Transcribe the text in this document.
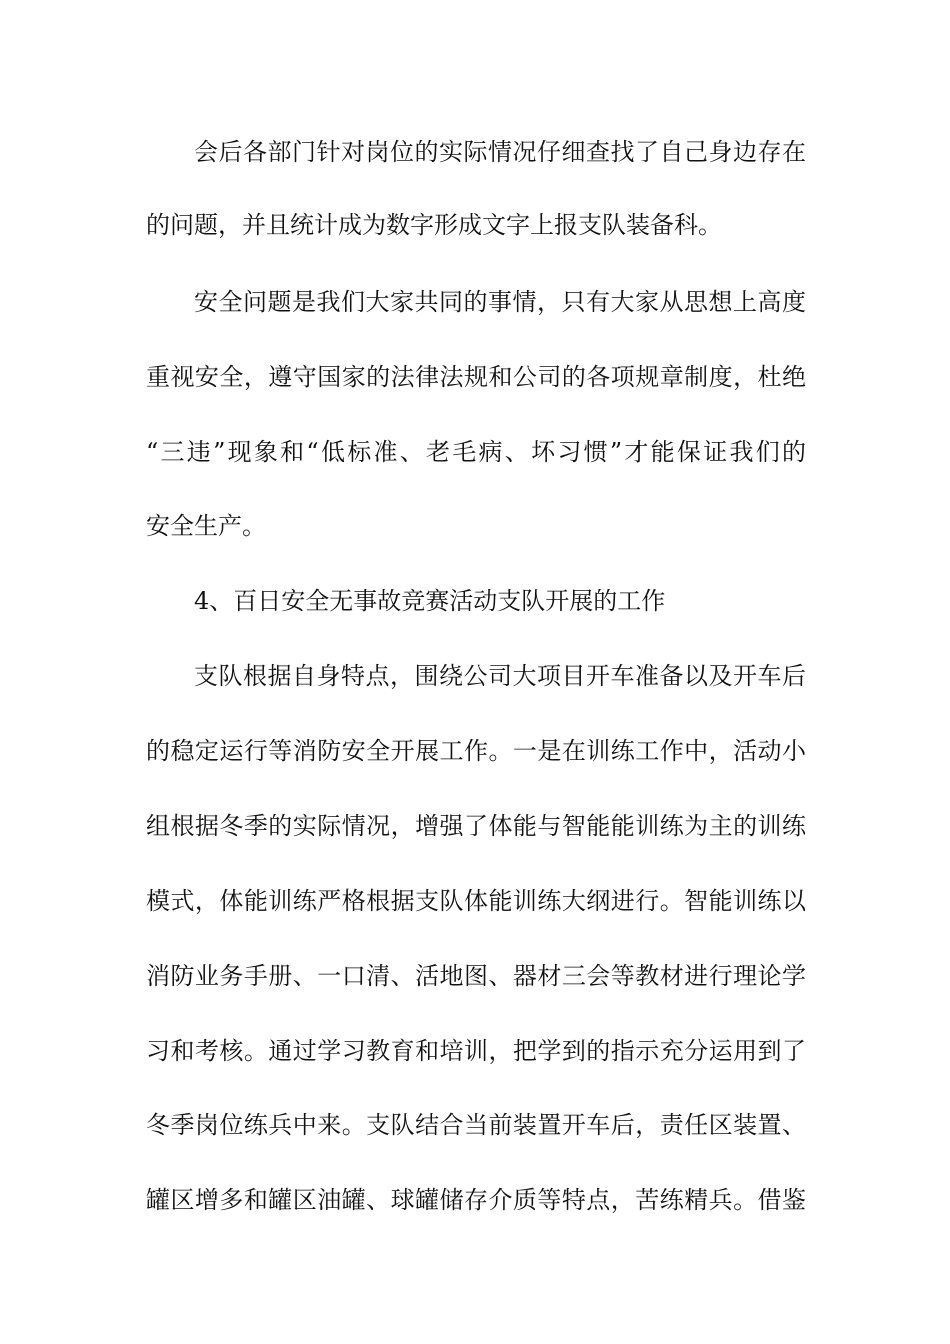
会后各部门针对岗位的实际情况仔细查找了自己身边存在
的问题，并且统计成为数字形成文字上报支队装备科。
安全问题是我们大家共同的事情，只有大家从思想上高度
重视安全，遵守国家的法律法规和公司的各项规章制度，杜绝
“三违”现象和“低标准、老毛病、坏习惯”才能保证我们的
安全生产。
4、百日安全无事故竞赛活动支队开展的工作
支队根据自身特点，围绕公司大项目开车准备以及开车后
的稳定运行等消防安全开展工作。一是在训练工作中，活动小
组根据冬季的实际情况，增强了体能与智能能训练为主的训练
模式，体能训练严格根据支队体能训练大纲进行。智能训练以
消防业务手册、一口清、活地图、器材三会等教材进行理论学
习和考核。通过学习教育和培训，把学到的指示充分运用到了
冬季岗位练兵中来。支队结合当前装置开车后，责任区装置、
罐区增多和罐区油罐、球罐储存介质等特点，苦练精兵。借鉴
